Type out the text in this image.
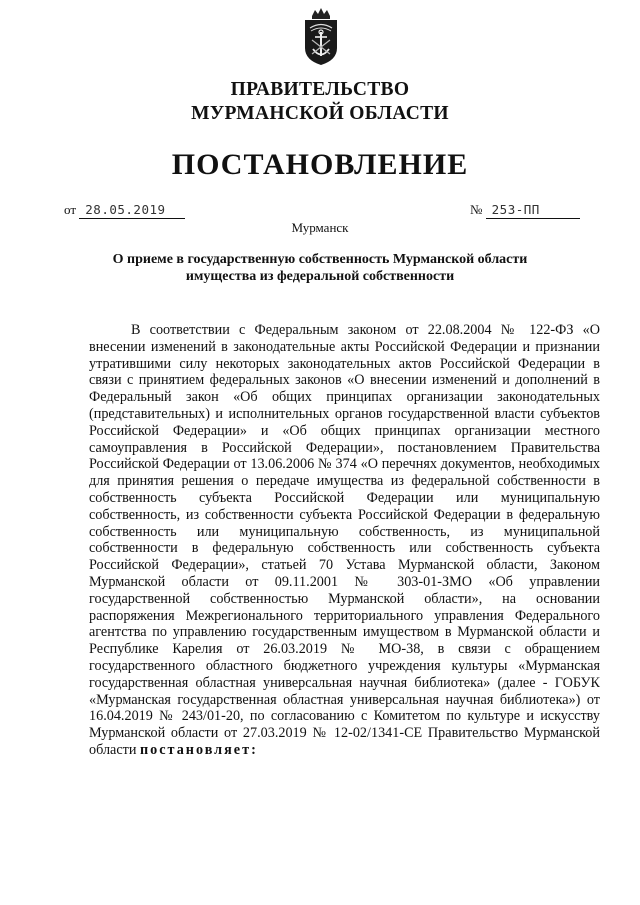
ПРАВИТЕЛЬСТВО
МУРМАНСКОЙ ОБЛАСТИ
ПОСТАНОВЛЕНИЕ
от 28.05.2019	№ 253-ПП
Мурманск
О приеме в государственную собственность Мурманской области
имущества из федеральной собственности

В соответствии с Федеральным законом от 22.08.2004 № 122-ФЗ «О внесении изменений в законодательные акты Российской Федерации и признании утратившими силу некоторых законодательных актов Российской Федерации в связи с принятием федеральных законов «О внесении изменений и дополнений в Федеральный закон «Об общих принципах организации законодательных (представительных) и исполнительных органов государственной власти субъектов Российской Федерации» и «Об общих принципах организации местного самоуправления в Российской Федерации», постановлением Правительства Российской Федерации от 13.06.2006 № 374 «О перечнях документов, необходимых для принятия решения о передаче имущества из федеральной собственности в собственность субъекта Российской Федерации или муниципальную собственность, из собственности субъекта Российской Федерации в федеральную собственность или муниципальную собственность, из муниципальной собственности в федеральную собственность или собственность субъекта Российской Федерации», статьей 70 Устава Мурманской области, Законом Мурманской области от 09.11.2001 № 303-01-ЗМО «Об управлении государственной собственностью Мурманской области», на основании распоряжения Межрегионального территориального управления Федерального агентства по управлению государственным имуществом в Мурманской области и Республике Карелия от 26.03.2019 № МО-38, в связи с обращением государственного областного бюджетного учреждения культуры «Мурманская государственная областная универсальная научная библиотека» (далее - ГОБУК «Мурманская государственная областная универсальная научная библиотека») от 16.04.2019 № 243/01-20, по согласованию с Комитетом по культуре и искусству Мурманской области от 27.03.2019 № 12-02/1341-СЕ Правительство Мурманской области постановляет:
